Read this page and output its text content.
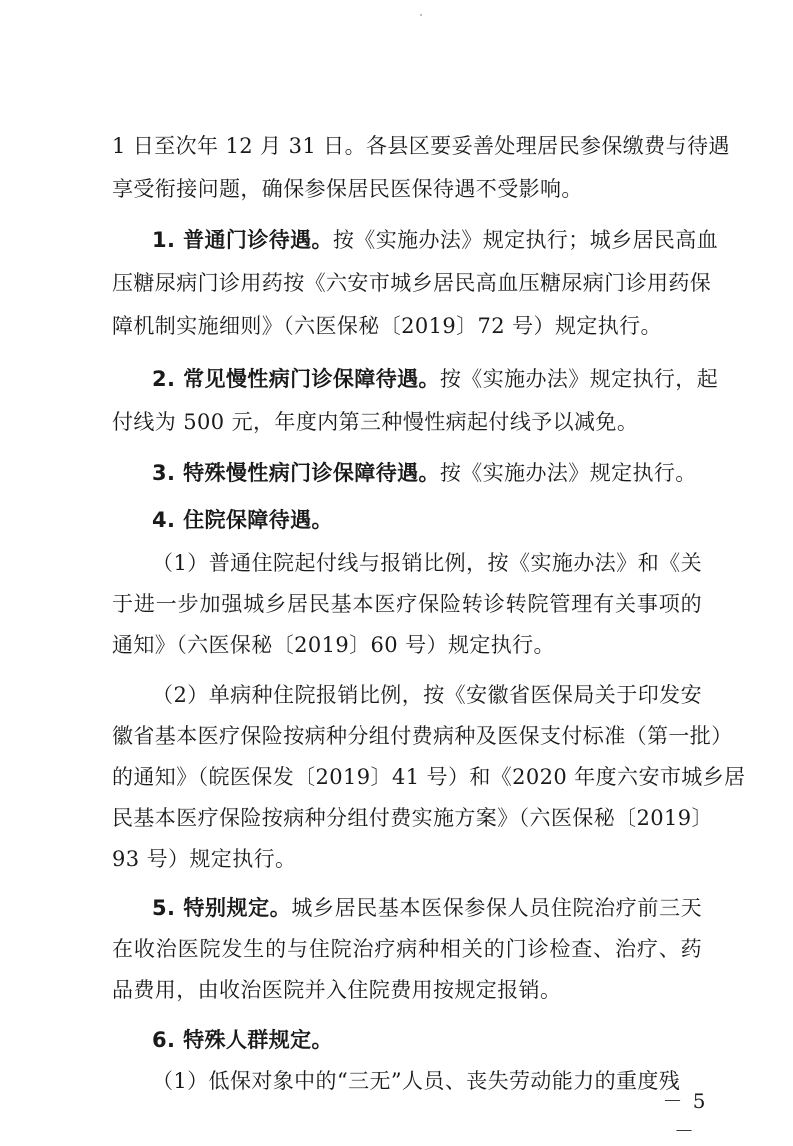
1 日至次年 12 月 31 日。各县区要妥善处理居民参保缴费与待遇
享受衔接问题，确保参保居民医保待遇不受影响。
1. 普通门诊待遇。按《实施办法》规定执行；城乡居民高血
压糖尿病门诊用药按《六安市城乡居民高血压糖尿病门诊用药保
障机制实施细则》（六医保秘〔2019〕72 号）规定执行。
2. 常见慢性病门诊保障待遇。按《实施办法》规定执行，起
付线为 500 元，年度内第三种慢性病起付线予以减免。
3. 特殊慢性病门诊保障待遇。按《实施办法》规定执行。
4. 住院保障待遇。
（1）普通住院起付线与报销比例，按《实施办法》和《关
于进一步加强城乡居民基本医疗保险转诊转院管理有关事项的
通知》（六医保秘〔2019〕60 号）规定执行。
（2）单病种住院报销比例，按《安徽省医保局关于印发安
徽省基本医疗保险按病种分组付费病种及医保支付标准（第一批）
的通知》（皖医保发〔2019〕41 号）和《2020 年度六安市城乡居
民基本医疗保险按病种分组付费实施方案》（六医保秘〔2019〕
93 号）规定执行。
5. 特别规定。城乡居民基本医保参保人员住院治疗前三天
在收治医院发生的与住院治疗病种相关的门诊检查、治疗、药
品费用，由收治医院并入住院费用按规定报销。
－ 5 －
6. 特殊人群规定。
（1）低保对象中的“三无”人员、丧失劳动能力的重度残
